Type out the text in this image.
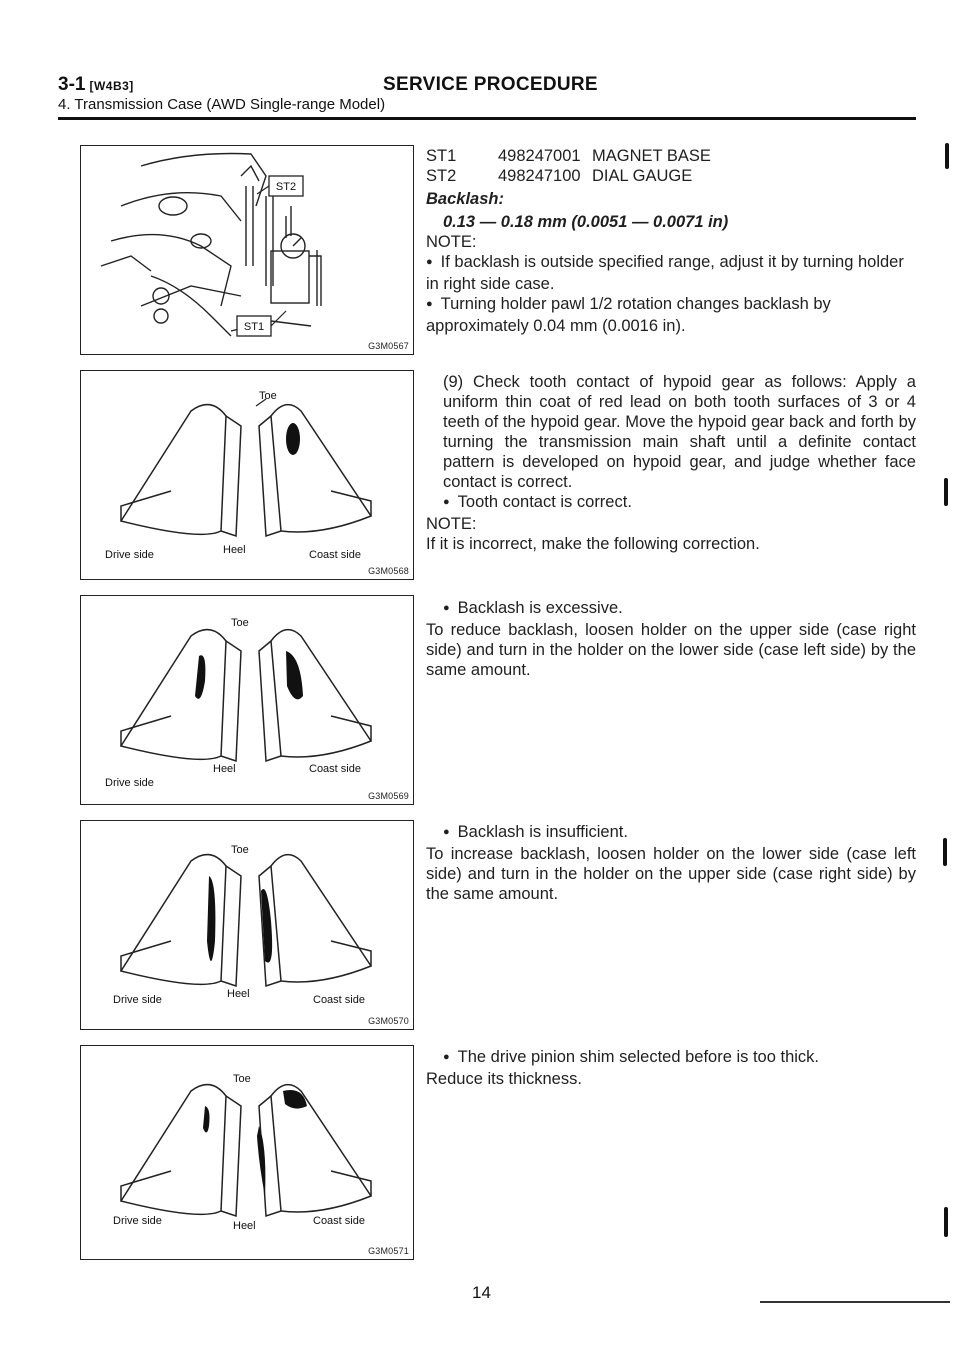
3-1 [W4B3]	SERVICE PROCEDURE
4. Transmission Case (AWD Single-range Model)
ST2
ST1
G3M0567
Toe
Drive side	Heel	Coast side
G3M0568
Toe
Drive side
Heel	Coast side
G3M0569
Toe
Drive side	Heel	Coast side
G3M0570
Toe
Drive side	Heel	Coast side
G3M0571
ST1	498247001 MAGNET BASE
ST2	498247100 DIAL GAUGE

Backlash:

0.13 — 0.18 mm (0.0051 — 0.0071 in)

NOTE:

● If backlash is outside specified range, adjust it by turning holder in right side case.

● Turning holder pawl 1/2 rotation changes backlash by approximately 0.04 mm (0.0016 in).

(9) Check tooth contact of hypoid gear as follows: Apply a uniform thin coat of red lead on both tooth surfaces of 3 or 4 teeth of the hypoid gear. Move the hypoid gear back and forth by turning the transmission main shaft until a definite contact pattern is developed on hypoid gear, and judge whether face contact is correct.

● Tooth contact is correct.

NOTE:

If it is incorrect, make the following correction.

● Backlash is excessive.

To reduce backlash, loosen holder on the upper side (case right side) and turn in the holder on the lower side (case left side) by the same amount.

● Backlash is insufficient.

To increase backlash, loosen holder on the lower side (case left side) and turn in the holder on the upper side (case right side) by the same amount.

● The drive pinion shim selected before is too thick.

Reduce its thickness.

14
